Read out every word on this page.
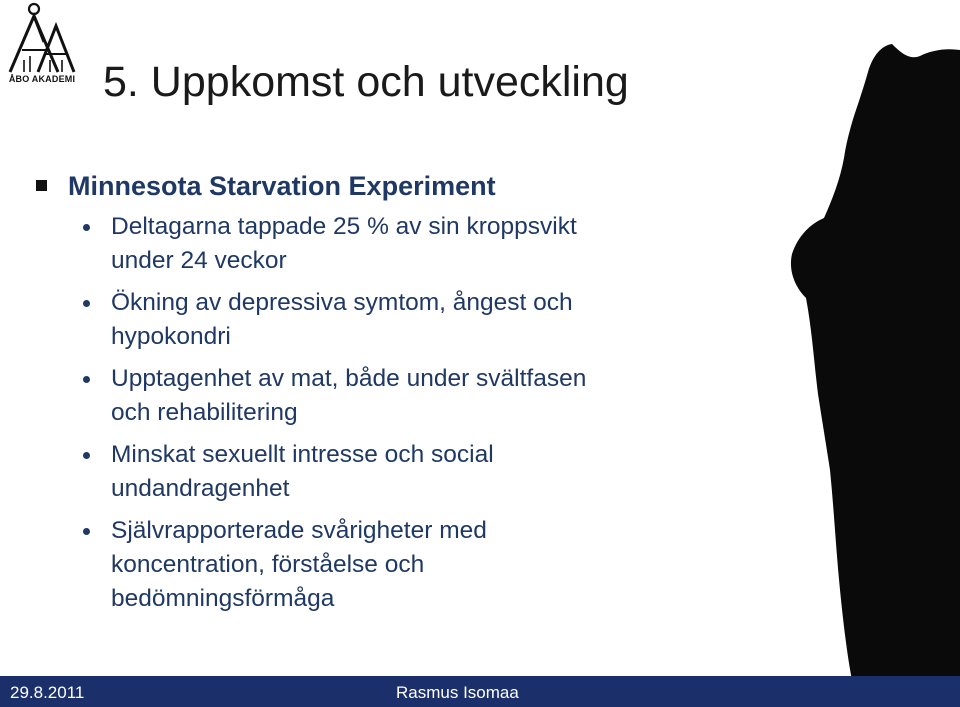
ÅBO AKADEMI 5. Uppkomst och utveckling
Minnesota Starvation Experiment
Deltagarna tappade 25 % av sin kroppsvikt
under 24 veckor
Ökning av depressiva symtom, ångest och
hypokondri
Upptagenhet av mat, både under svältfasen
och rehabilitering
Minskat sexuellt intresse och social
undandragenhet
Självrapporterade svårigheter med
koncentration, förståelse och
bedömningsförmåga
29.8.2011	Rasmus Isomaa
